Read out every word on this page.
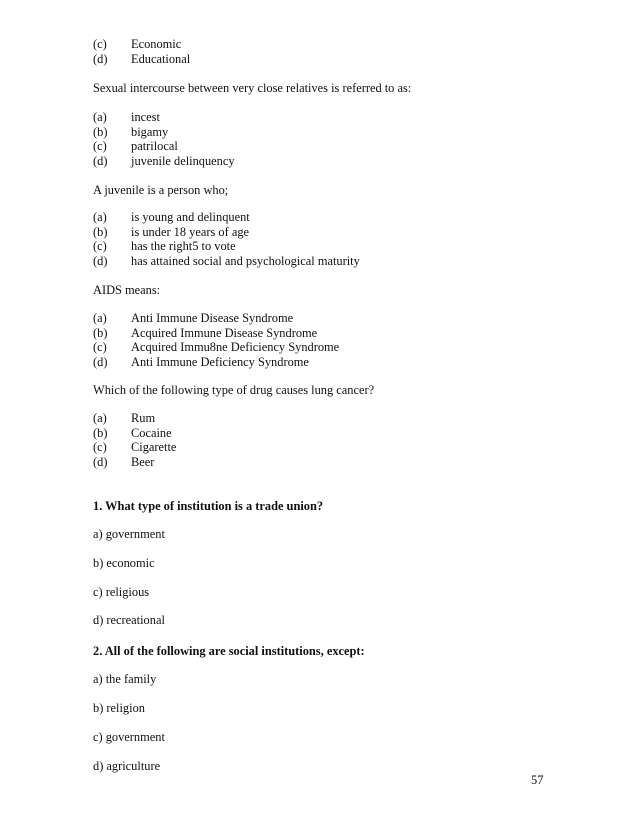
(c)	Economic
(d)	Educational
Sexual intercourse between very close relatives is referred to as:
(a)	incest
(b)	bigamy
(c)	patrilocal
(d)	juvenile delinquency
A juvenile is a person who;
(a)	is young and delinquent
(b)	is under 18 years of age
(c)	has the right5 to vote
(d)	has attained social and psychological maturity
AIDS means:
(a)	Anti Immune Disease Syndrome
(b)	Acquired Immune Disease Syndrome
(c)	Acquired Immu8ne Deficiency Syndrome
(d)	Anti Immune Deficiency Syndrome
Which of the following type of drug causes lung cancer?
(a)	Rum
(b)	Cocaine
(c)	Cigarette
(d)	Beer
1. What type of institution is a trade union?
a) government
b) economic
c) religious
d) recreational
2. All of the following are social institutions, except:
a) the family
b) religion
c) government
d) agriculture
57
